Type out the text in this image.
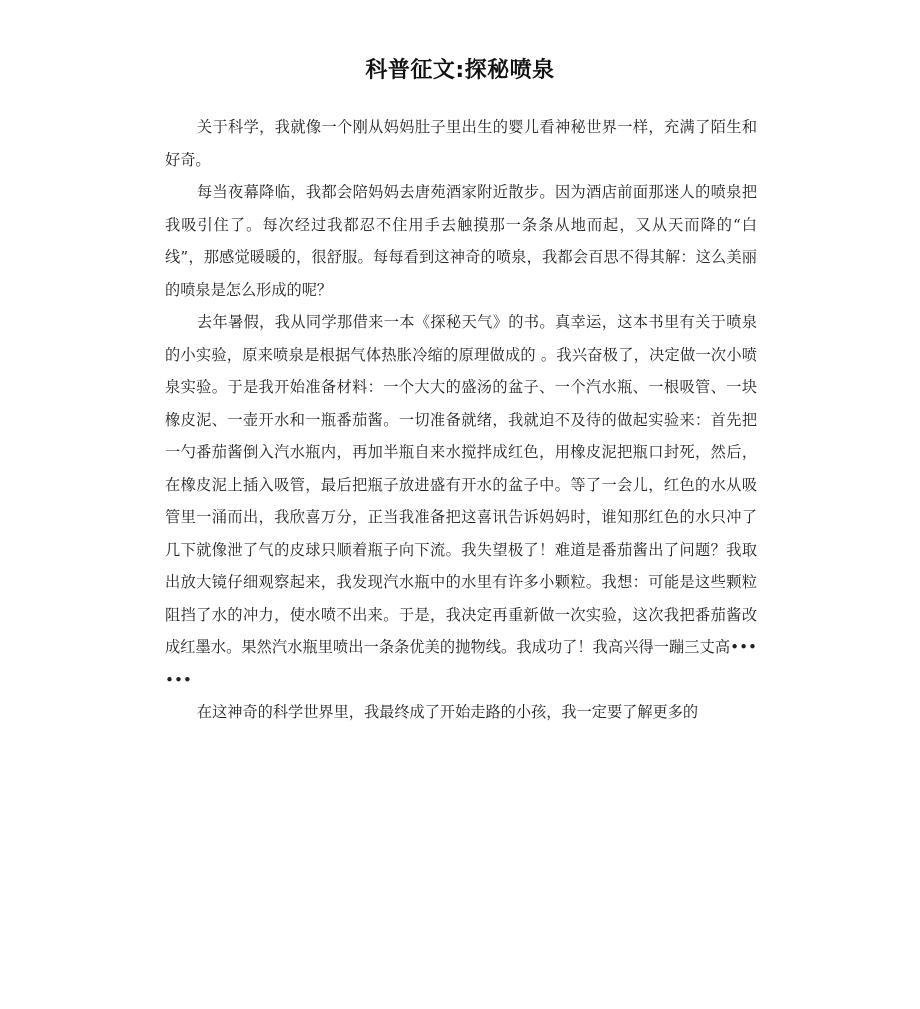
科普征文:探秘喷泉

关于科学，我就像一个刚从妈妈肚子里出生的婴儿看神秘世界一样，充满了陌生和好奇。

每当夜幕降临，我都会陪妈妈去唐苑酒家附近散步。因为酒店前面那迷人的喷泉把我吸引住了。每次经过我都忍不住用手去触摸那一条条从地而起，又从天而降的“白线”，那感觉暖暖的，很舒服。每每看到这神奇的喷泉，我都会百思不得其解：这么美丽的喷泉是怎么形成的呢？

去年暑假，我从同学那借来一本《探秘天气》的书。真幸运，这本书里有关于喷泉的小实验，原来喷泉是根据气体热胀冷缩的原理做成的 。我兴奋极了，决定做一次小喷泉实验。于是我开始准备材料：一个大大的盛汤的盆子、一个汽水瓶、一根吸管、一块橡皮泥、一壶开水和一瓶番茄酱。一切准备就绪，我就迫不及待的做起实验来：首先把一勺番茄酱倒入汽水瓶内，再加半瓶自来水搅拌成红色，用橡皮泥把瓶口封死，然后，在橡皮泥上插入吸管，最后把瓶子放进盛有开水的盆子中。等了一会儿，红色的水从吸管里一涌而出，我欣喜万分，正当我准备把这喜讯告诉妈妈时，谁知那红色的水只冲了几下就像泄了气的皮球只顺着瓶子向下流。我失望极了！难道是番茄酱出了问题？我取出放大镜仔细观察起来，我发现汽水瓶中的水里有许多小颗粒。我想：可能是这些颗粒阻挡了水的冲力，使水喷不出来。于是，我决定再重新做一次实验，这次我把番茄酱改成红墨水。果然汽水瓶里喷出一条条优美的抛物线。我成功了！我高兴得一蹦三丈高••••••

在这神奇的科学世界里，我最终成了开始走路的小孩，我一定要了解更多的
